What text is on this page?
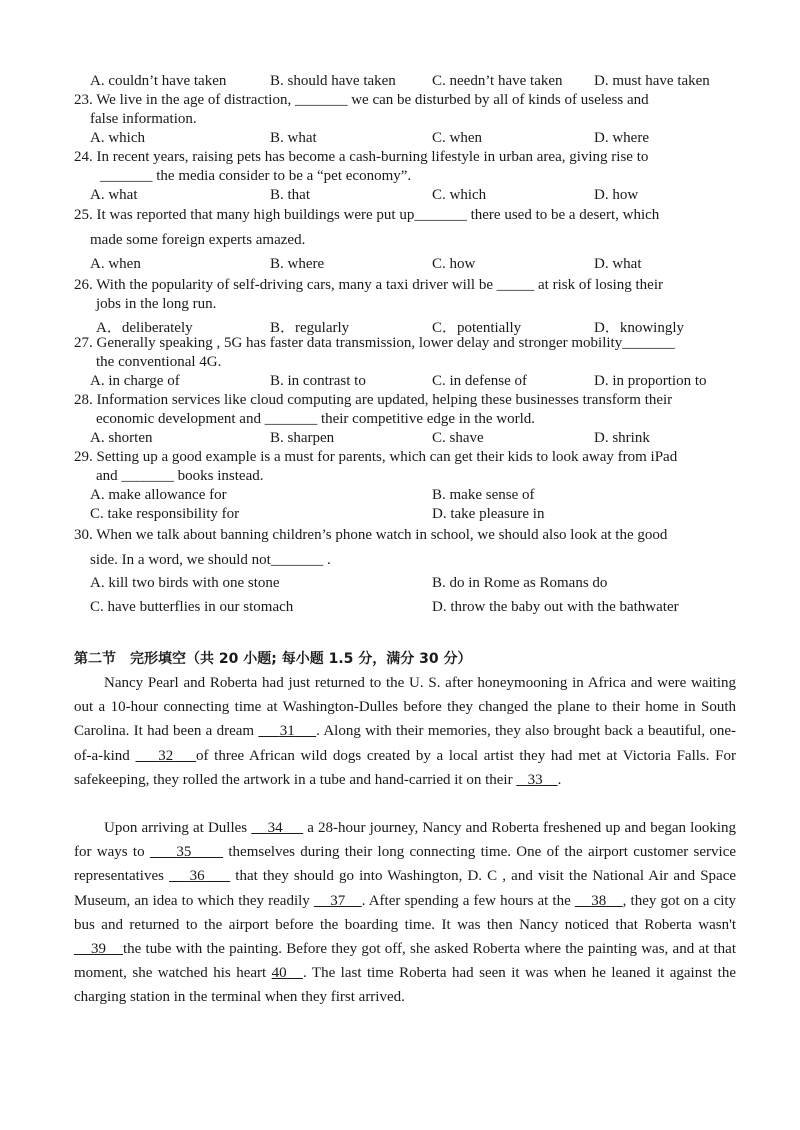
A. couldn’t have taken	B. should have taken C. needn’t have taken D. must have taken
23. We live in the age of distraction, _______ we can be disturbed by all of kinds of useless and
false information.
A. which	B. what	C. when	D. where
24. In recent years, raising pets has become a cash-burning lifestyle in urban area, giving rise to
_______ the media consider to be a “pet economy”.
A. what	B. that	C. which	D. how
25. It was reported that many high buildings were put up_______ there used to be a desert, which
made some foreign experts amazed.
A. when	B. where	C. how	D. what
26. With the popularity of self-driving cars, many a taxi driver will be _____ at risk of losing their
jobs in the long run.
A．deliberately	B．regularly	C．potentially	D．knowingly
27. Generally speaking , 5G has faster data transmission, lower delay and stronger mobility_______
the conventional 4G.
A. in charge of	B. in contrast to	C. in defense of	D. in proportion to
28. Information services like cloud computing are updated, helping these businesses transform their
economic development and _______ their competitive edge in the world.
A. shorten	B. sharpen	C. shave	D. shrink
29. Setting up a good example is a must for parents, which can get their kids to look away from iPad
and _______ books instead.
A. make allowance for	B. make sense of
C. take responsibility for	D. take pleasure in
30. When we talk about banning children’s phone watch in school, we should also look at the good
side. In a word, we should not_______ .
A. kill two birds with one stone	B. do in Rome as Romans do
C. have butterflies in our stomach	D. throw the baby out with the bathwater
第二节　完形填空（共 20 小题; 每小题 1.5 分，满分 30 分）
Nancy Pearl and Roberta had just returned to the U. S. after honeymooning in Africa and were waiting out a 10-hour connecting time at Washington-Dulles before they changed the plane to their home in South Carolina. It had been a dream      31 . Along with their memories, they also brought back a beautiful, one-of-a-kind     32 of three African wild dogs created by a local artist they had met at Victoria Falls. For safekeeping, they rolled the artwork in a tube and hand-carried it on their    33 .
Upon arriving at Dulles     34      a 28-hour journey, Nancy and Roberta freshened up and began looking for ways to      35       themselves during their long connecting time. One of the airport customer service representatives     36      that they should go into Washington, D. C , and visit the National Air and Space Museum, an idea to which they readily     37 . After spending a few hours at the     38 , they got on a city bus and returned to the airport before the boarding time. It was then Nancy noticed that Roberta wasn't     39 the tube with the painting. Before they got off, she asked Roberta where the painting was, and at that moment, she watched his heart 40 . The last time Roberta had seen it was when he leaned it against the charging station in the terminal when they first arrived.
